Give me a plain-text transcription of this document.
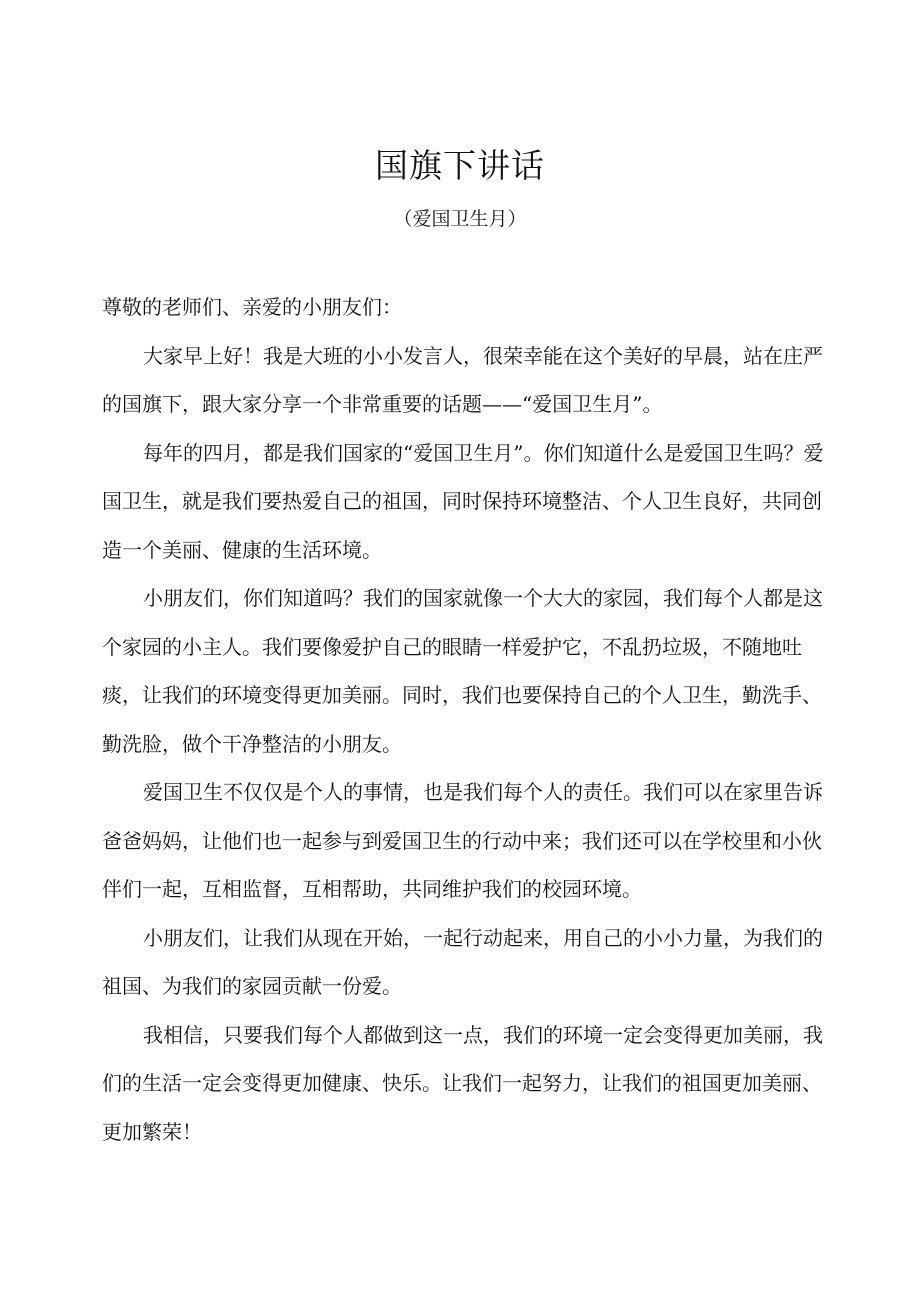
国旗下讲话
（爱国卫生月）

尊敬的老师们、亲爱的小朋友们：

大家早上好！我是大班的小小发言人，很荣幸能在这个美好的早晨，站在庄严的国旗下，跟大家分享一个非常重要的话题——“爱国卫生月”。

每年的四月，都是我们国家的“爱国卫生月”。你们知道什么是爱国卫生吗？爱国卫生，就是我们要热爱自己的祖国，同时保持环境整洁、个人卫生良好，共同创造一个美丽、健康的生活环境。

小朋友们，你们知道吗？我们的国家就像一个大大的家园，我们每个人都是这个家园的小主人。我们要像爱护自己的眼睛一样爱护它，不乱扔垃圾，不随地吐痰，让我们的环境变得更加美丽。同时，我们也要保持自己的个人卫生，勤洗手、勤洗脸，做个干净整洁的小朋友。

爱国卫生不仅仅是个人的事情，也是我们每个人的责任。我们可以在家里告诉爸爸妈妈，让他们也一起参与到爱国卫生的行动中来；我们还可以在学校里和小伙伴们一起，互相监督，互相帮助，共同维护我们的校园环境。

小朋友们，让我们从现在开始，一起行动起来，用自己的小小力量，为我们的祖国、为我们的家园贡献一份爱。

我相信，只要我们每个人都做到这一点，我们的环境一定会变得更加美丽，我们的生活一定会变得更加健康、快乐。让我们一起努力，让我们的祖国更加美丽、更加繁荣！
